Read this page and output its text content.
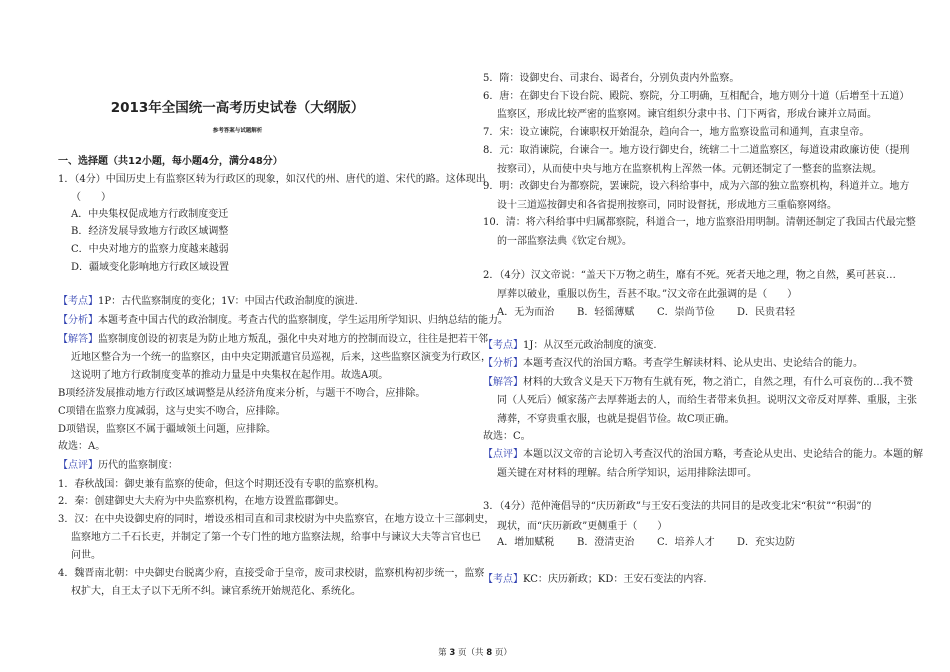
2013年全国统一高考历史试卷（大纲版）
参考答案与试题解析
一、选择题（共12小题，每小题4分，满分48分）
1．（4分）中国历史上有监察区转为行政区的现象，如汉代的州、唐代的道、宋代的路。这体现出
（　　）
A．中央集权促成地方行政制度变迁
B．经济发展导致地方行政区域调整
C．中央对地方的监察力度越来越弱
D．疆域变化影响地方行政区域设置
【考点】1P：古代监察制度的变化；1V：中国古代政治制度的演进.
【分析】本题考查中国古代的政治制度。考查古代的监察制度，学生运用所学知识、归纳总结的能力。
【解答】监察制度创设的初衷是为防止地方叛乱，强化中央对地方的控制而设立，往往是把若干邻
近地区整合为一个统一的监察区，由中央定期派遣官员巡视，后来，这些监察区演变为行政区，
这说明了地方行政制度变革的推动力量是中央集权在起作用。故选A项。
B项经济发展推动地方行政区域调整是从经济角度来分析，与题干不吻合，应排除。
C项错在监察力度减弱，这与史实不吻合，应排除。
D项错误，监察区不属于疆域领土问题，应排除。
故选：A。
【点评】历代的监察制度：
1．春秋战国：御史兼有监察的使命，但这个时期还没有专职的监察机构。
2．秦：创建御史大夫府为中央监察机构，在地方设置监郡御史。
3．汉：在中央设御史府的同时，增设丞相司直和司隶校尉为中央监察官，在地方设立十三部刺史，
监察地方二千石长吏，并制定了第一个专门性的地方监察法规，给事中与谏议大夫等言官也已
问世。
4．魏晋南北朝：中央御史台脱离少府，直接受命于皇帝，废司隶校尉，监察机构初步统一，监察
权扩大，自王太子以下无所不纠。谏官系统开始规范化、系统化。
5．隋：设御史台、司隶台、谒者台，分别负责内外监察。
6．唐：在御史台下设台院、殿院、察院，分工明确，互相配合，地方则分十道（后增至十五道）
监察区，形成比较严密的监察网。谏官组织分隶中书、门下两省，形成台谏并立局面。
7．宋：设立谏院，台谏职权开始混杂，趋向合一，地方监察设监司和通判，直隶皇帝。
8．元：取消谏院，台谏合一。地方设行御史台，统辖二十二道监察区，每道设肃政廉访使（提刑
按察司），从而使中央与地方在监察机构上浑然一体。元朝还制定了一整套的监察法规。
9．明：改御史台为都察院，罢谏院，设六科给事中，成为六部的独立监察机构，科道并立。地方
设十三道巡按御史和各省提刑按察司，同时设督抚，形成地方三重临察网络。
10．清：将六科给事中归属都察院，科道合一，地方监察沿用明制。清朝还制定了我国古代最完整
的一部监察法典《钦定台规》。
2．（4分）汉文帝说：“盖天下万物之萌生，靡有不死。死者天地之理，物之自然，奚可甚哀…
厚葬以破业，重服以伤生，吾甚不取。”汉文帝在此强调的是（　　）
A．无为而治 B．轻徭薄赋 C．崇尚节俭 D．民贵君轻
【考点】1J：从汉至元政治制度的演变.
【分析】本题考查汉代的治国方略。考查学生解读材料、论从史出、史论结合的能力。
【解答】材料的大致含义是天下万物有生就有死，物之消亡，自然之理，有什么可哀伤的…我不赞
同（人死后）倾家荡产去厚葬逝去的人，而给生者带来负担。说明汉文帝反对厚葬、重服，主张
薄葬，不穿贵重衣服，也就是提倡节俭。故C项正确。
故选：C。
【点评】本题以汉文帝的言论切入考查汉代的治国方略，考查论从史出、史论结合的能力。本题的解
题关键在对材料的理解。结合所学知识，运用排除法即可。
3．（4分）范仲淹倡导的“庆历新政”与王安石变法的共同目的是改变北宋“积贫”“积弱”的
现状，而“庆历新政”更侧重于（　　）
A．增加赋税 B．澄清吏治 C．培养人才 D．充实边防
【考点】KC：庆历新政；KD：王安石变法的内容.
第 3 页（共 8 页）
